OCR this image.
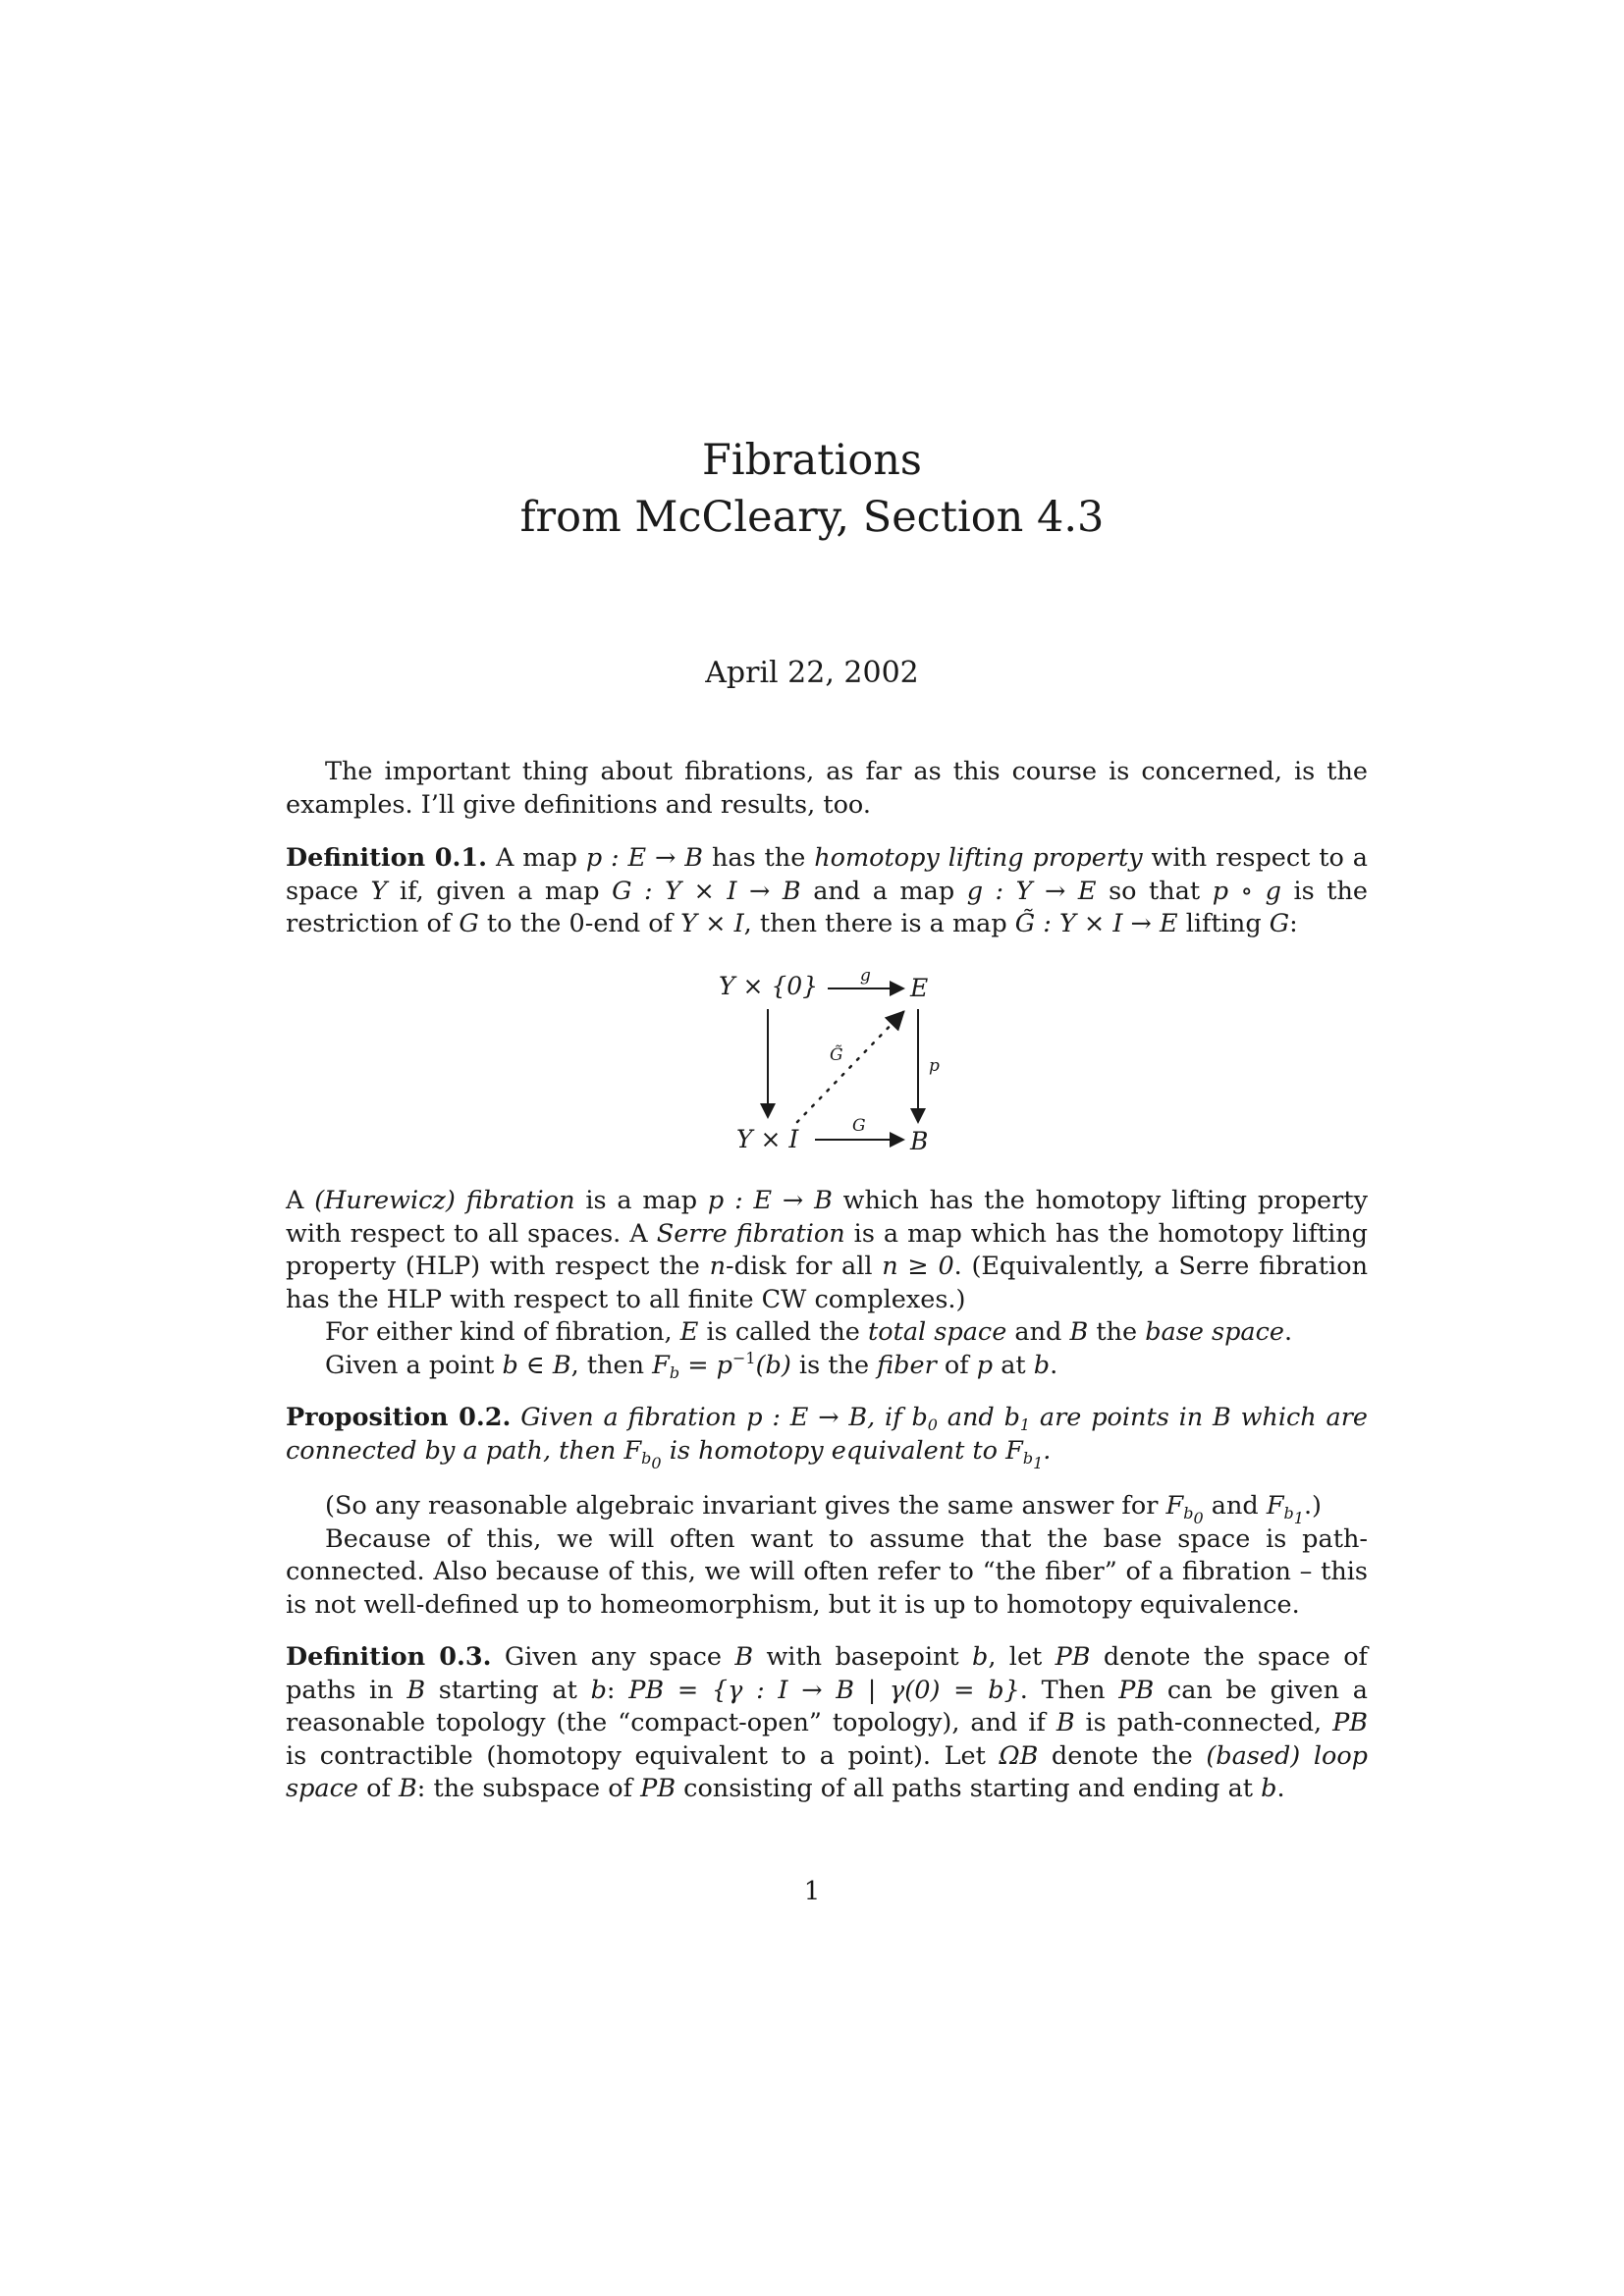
Fibrations
from McCleary, Section 4.3
April 22, 2002
The important thing about fibrations, as far as this course is concerned, is the examples. I’ll give definitions and results, too.

Definition 0.1. A map p : E → B has the homotopy lifting property with respect to a space Y if, given a map G : Y × I → B and a map g : Y → E so that p ∘ g is the restriction of G to the 0-end of Y × I, then there is a map G̃ : Y × I → E lifting G:

Y × {0}	E
Y × I	B
g
G
p
G̃

A (Hurewicz) fibration is a map p : E → B which has the homotopy lifting property with respect to all spaces. A Serre fibration is a map which has the homotopy lifting property (HLP) with respect the n-disk for all n ≥ 0. (Equivalently, a Serre fibration has the HLP with respect to all finite CW complexes.)

For either kind of fibration, E is called the total space and B the base space.

Given a point b ∈ B, then $F_b = p^{-1}(b)$ is the fiber of p at b.

Proposition 0.2. Given a fibration p : E → B, if $b_0$ and $b_1$ are points in B which are connected by a path, then $F_{b_0}$ is homotopy equivalent to $F_{b_1}$.

(So any reasonable algebraic invariant gives the same answer for $F_{b_0}$ and $F_{b_1}$.)

Because of this, we will often want to assume that the base space is path-connected. Also because of this, we will often refer to “the fiber” of a fibration – this is not well-defined up to homeomorphism, but it is up to homotopy equivalence.

Definition 0.3. Given any space B with basepoint b, let PB denote the space of paths in B starting at b: PB = {γ : I → B | γ(0) = b}. Then PB can be given a reasonable topology (the “compact-open” topology), and if B is path-connected, PB is contractible (homotopy equivalent to a point). Let ΩB denote the (based) loop space of B: the subspace of PB consisting of all paths starting and ending at b.

1
